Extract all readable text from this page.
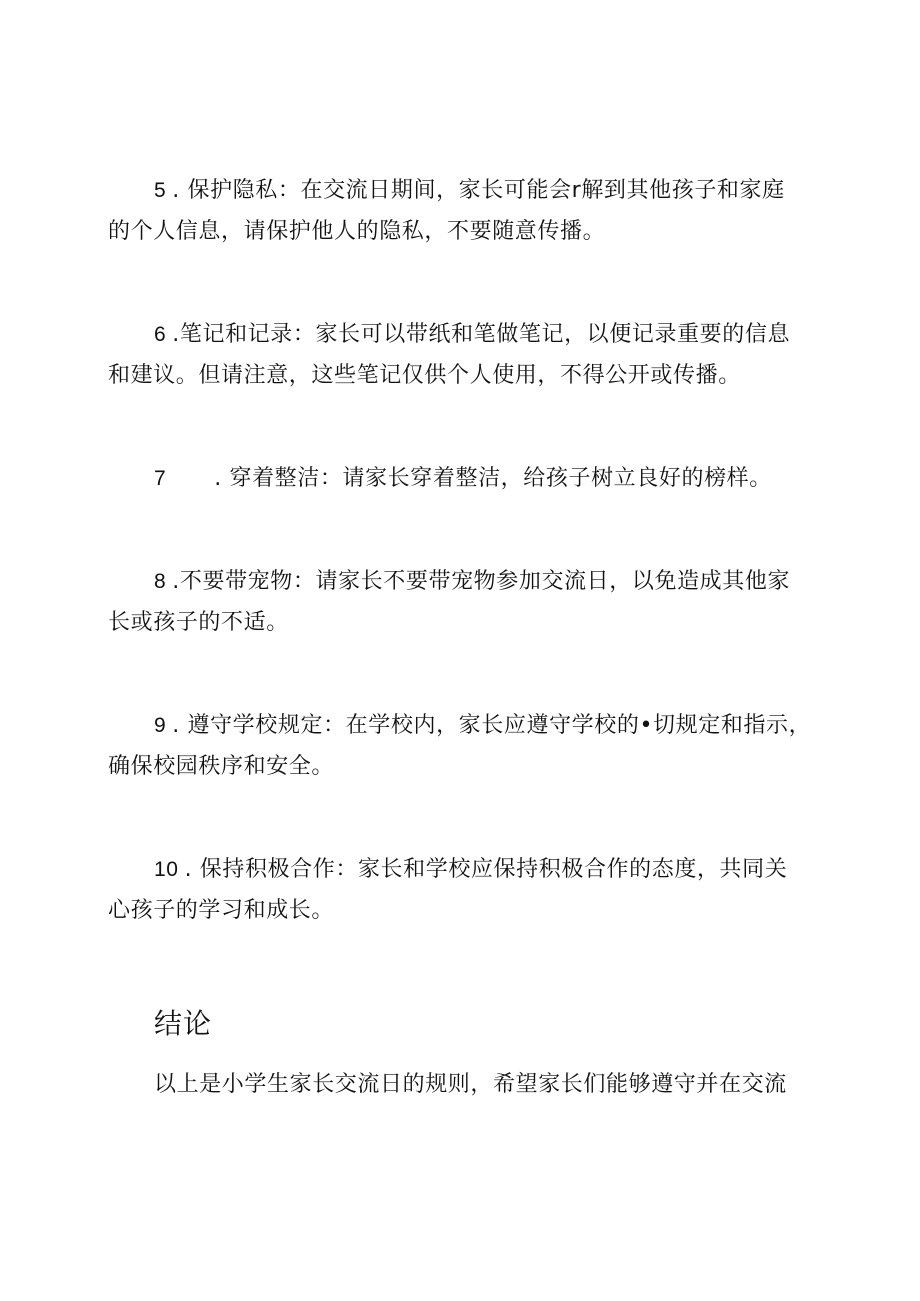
5 . 保护隐私：在交流日期间，家长可能会r解到其他孩子和家庭
的个人信息，请保护他人的隐私，不要随意传播。
6 .笔记和记录：家长可以带纸和笔做笔记，以便记录重要的信息
和建议。但请注意，这些笔记仅供个人使用，不得公开或传播。
7 . 穿着整洁：请家长穿着整洁，给孩子树立良好的榜样。
8 .不要带宠物：请家长不要带宠物参加交流日，以免造成其他家
长或孩子的不适。
9 . 遵守学校规定：在学校内，家长应遵守学校的•切规定和指示，
确保校园秩序和安全。
10 . 保持积极合作：家长和学校应保持积极合作的态度，共同关
心孩子的学习和成长。
结论
以上是小学生家长交流日的规则，希望家长们能够遵守并在交流
